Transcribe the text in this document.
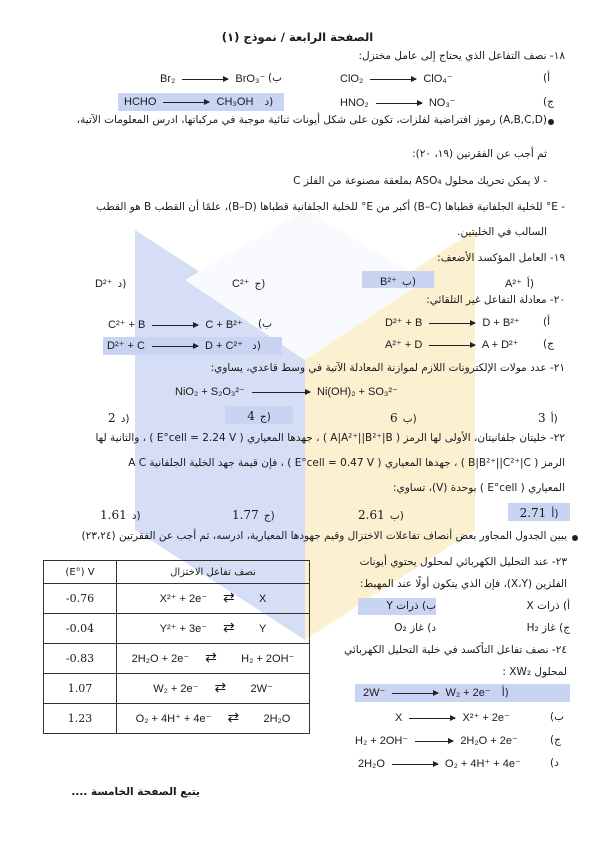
الصفحة الرابعة / نموذج (١)
١٨- نصف التفاعل الذي يحتاج إلى عامل مختزل:
ClO₂	ClO₄⁻	أ)
Br₂	BrO₃⁻ ب)
HNO₂	NO₃⁻	ج)
HCHO	CH₃OH د)
(A,B,C,D) رموز افتراضية لفلزات، تكون على شكل أيونات ثنائية موجبة في مركباتها، ادرس المعلومات الآتية،
ثم أجب عن الفقرتين (١٩، ٢٠):
- لا يمكن تحريك محلول ASO₄ بملعقة مصنوعة من الفلز C
- E° للخلية الجلفانية قطباها (B–C) أكبر من E° للخلية الجلفانية قطباها (B–D)، علمًا أن القطب B هو القطب
السالب في الخليتين.
١٩- العامل المؤكسد الأضعف:
A²⁺ أ)
B²⁺ ب)
C²⁺ ج)
D²⁺ د)
٢٠- معادلة التفاعل غير التلقائي:
D²⁺ + B	D + B²⁺ أ)
C²⁺ + B	C + B²⁺ ب)
A²⁺ + D	A + D²⁺ ج)
D²⁺ + C	D + C²⁺ د)
٢١- عدد مولات الإلكترونات اللازم لموازنة المعادلة الآتية في وسط قاعدي، يساوي:
NiO₂ + S₂O₃²⁻	Ni(OH)₂ + SO₃²⁻
3 أ)
6 ب)
4 ج)
2 د)
٢٢- خليتان جلفانيتان، الأولى لها الرمز ( A|A²⁺||B²⁺|B ) ، جهدها المعياري ( E°cell = 2.24 V ) ، والثانية لها
الرمز ( B|B²⁺||C²⁺|C ) ، جهدها المعياري ( E°cell = 0.47 V ) ، فإن قيمة جهد الخلية الجلفانية A C
المعياري ( E°cell ) بوحدة (V)، تساوي:
2.71 أ)
2.61 ب)
1.77 ج)
1.61 د)
يبين الجدول المجاور بعض أنصاف تفاعلات الاختزال وقيم جهودها المعيارية، ادرسه، ثم أجب عن الفقرتين (٢٣،٢٤)
(E°) V	نصف تفاعل الاختزال
-0.76	X²⁺ + 2e⁻ ⇄ X
-0.04	Y²⁺ + 3e⁻ ⇄ Y
-0.83	2H₂O + 2e⁻ ⇄ H₂ + 2OH⁻
1.07	W₂ + 2e⁻ ⇄ 2W⁻
1.23	O₂ + 4H⁺ + 4e⁻ ⇄ 2H₂O
٢٣- عند التحليل الكهربائي لمحلول يحتوي أيونات
الفلزين (X،Y)، فإن الذي يتكون أولًا عند المهبط:
أ) ذرات X
ب) ذرات Y
ج) غاز H₂
د) غاز O₂
٢٤- نصف تفاعل التأكسد في خلية التحليل الكهربائي
لمحلول XW₂ :
2W⁻	W₂ + 2e⁻ أ)
X	X²⁺ + 2e⁻	ب)
H₂ + 2OH⁻	2H₂O + 2e⁻	ج)
2H₂O	O₂ + 4H⁺ + 4e⁻	د)
يتبع الصفحة الخامسة ....
